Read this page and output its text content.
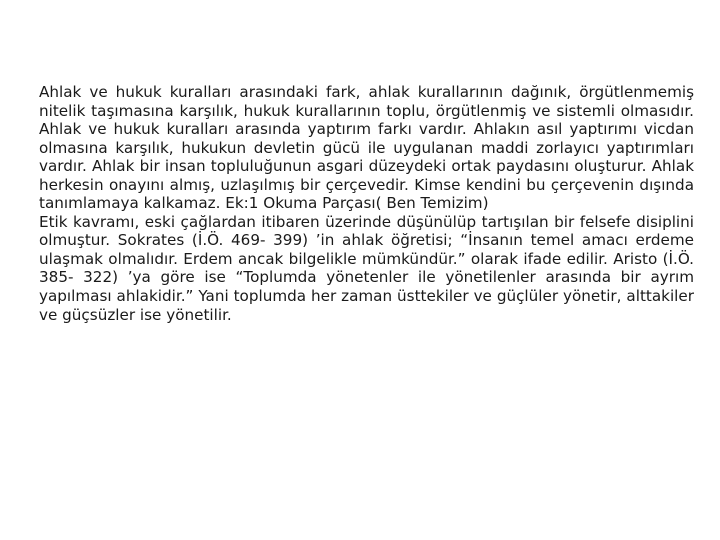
Ahlak ve hukuk kuralları arasındaki fark, ahlak kurallarının dağınık, örgütlenmemiş nitelik taşımasına karşılık, hukuk kurallarının toplu, örgütlenmiş ve sistemli olmasıdır. Ahlak ve hukuk kuralları arasında yaptırım farkı vardır. Ahlakın asıl yaptırımı vicdan olmasına karşılık, hukukun devletin gücü ile uygulanan maddi zorlayıcı yaptırımları vardır. Ahlak bir insan topluluğunun asgari düzeydeki ortak paydasını oluşturur. Ahlak herkesin onayını almış, uzlaşılmış bir çerçevedir. Kimse kendini bu çerçevenin dışında tanımlamaya kalkamaz. Ek:1 Okuma Parçası( Ben Temizim)

Etik kavramı, eski çağlardan itibaren üzerinde düşünülüp tartışılan bir felsefe disiplini olmuştur. Sokrates (İ.Ö. 469- 399) ’in ahlak öğretisi; “İnsanın temel amacı erdeme ulaşmak olmalıdır. Erdem ancak bilgelikle mümkündür.” olarak ifade edilir. Aristo (İ.Ö. 385- 322) ’ya göre ise “Toplumda yönetenler ile yönetilenler arasında bir ayrım yapılması ahlakidir.” Yani toplumda her zaman üsttekiler ve güçlüler yönetir, alttakiler ve güçsüzler ise yönetilir.
